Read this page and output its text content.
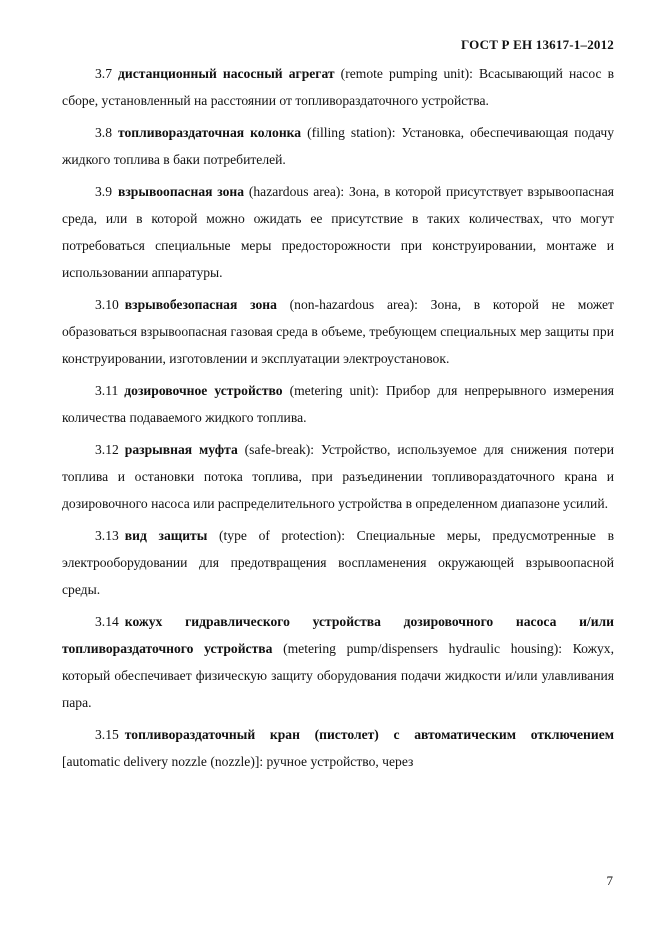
ГОСТ Р ЕН 13617-1–2012

3.7 дистанционный насосный агрегат (remote pumping unit): Всасывающий насос в сборе, установленный на расстоянии от топливораздаточного устройства.

3.8 топливораздаточная колонка (filling station): Установка, обеспечивающая подачу жидкого топлива в баки потребителей.

3.9 взрывоопасная зона (hazardous area): Зона, в которой присутствует взрывоопасная среда, или в которой можно ожидать ее присутствие в таких количествах, что могут потребоваться специальные меры предосторожности при конструировании, монтаже и использовании аппаратуры.

3.10 взрывобезопасная зона (non-hazardous area): Зона, в которой не может образоваться взрывоопасная газовая среда в объеме, требующем специальных мер защиты при конструировании, изготовлении и эксплуатации электроустановок.

3.11 дозировочное устройство (metering unit): Прибор для непрерывного измерения количества подаваемого жидкого топлива.

3.12 разрывная муфта (safe-break): Устройство, используемое для снижения потери топлива и остановки потока топлива, при разъединении топливораздаточного крана и дозировочного насоса или распределительного устройства в определенном диапазоне усилий.

3.13 вид защиты (type of protection): Специальные меры, предусмотренные в электрооборудовании для предотвращения воспламенения окружающей взрывоопасной среды.

3.14 кожух гидравлического устройства дозировочного насоса и/или топливораздаточного устройства (metering pump/dispensers hydraulic housing): Кожух, который обеспечивает физическую защиту оборудования подачи жидкости и/или улавливания пара.

3.15 топливораздаточный кран (пистолет) с автоматическим отключением [automatic delivery nozzle (nozzle)]: ручное устройство, через

7
